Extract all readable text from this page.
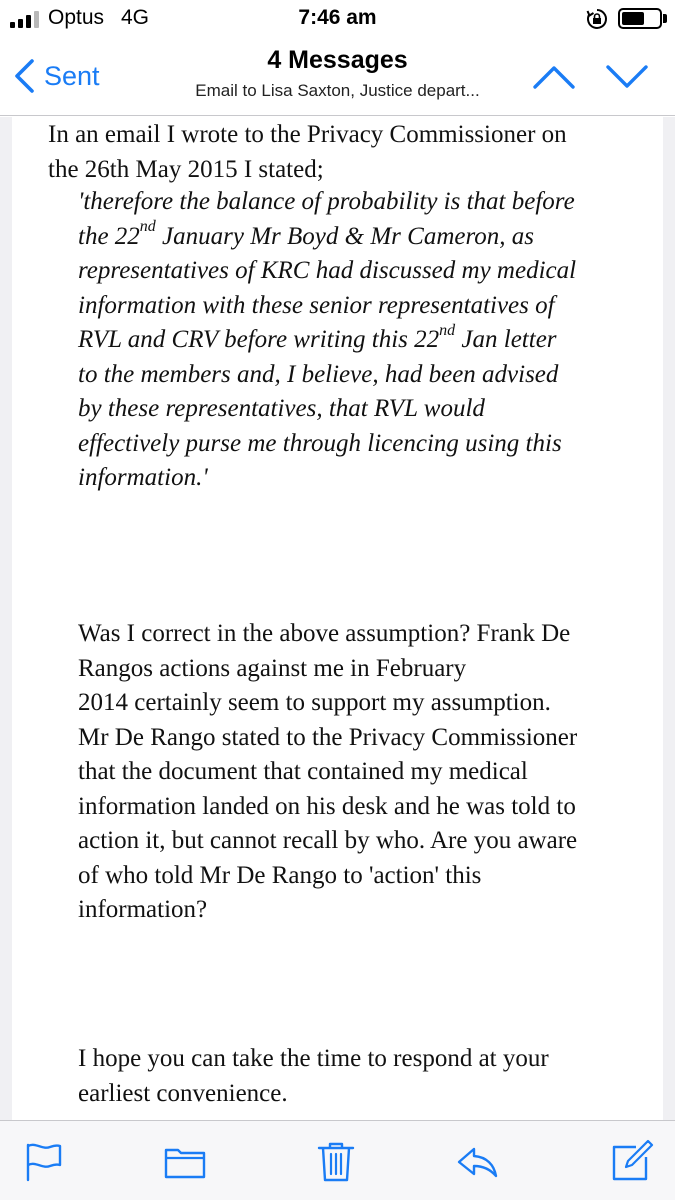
Optus 4G	7:46 am
Sent
4 Messages
Email to Lisa Saxton, Justice depart...
In an email I wrote to the Privacy Commissioner on
the 26th May 2015 I stated;
'therefore the balance of probability is that before
the 22nd January Mr Boyd & Mr Cameron, as
representatives of KRC had discussed my medical
information with these senior representatives of
RVL and CRV before writing this 22nd Jan letter
to the members and, I believe, had been advised
by these representatives, that RVL would
effectively purse me through licencing using this
information.'
Was I correct in the above assumption? Frank De
Rangos actions against me in February
2014 certainly seem to support my assumption.
Mr De Rango stated to the Privacy Commissioner
that the document that contained my medical
information landed on his desk and he was told to
action it, but cannot recall by who. Are you aware
of who told Mr De Rango to 'action' this
information?
I hope you can take the time to respond at your
earliest convenience.
